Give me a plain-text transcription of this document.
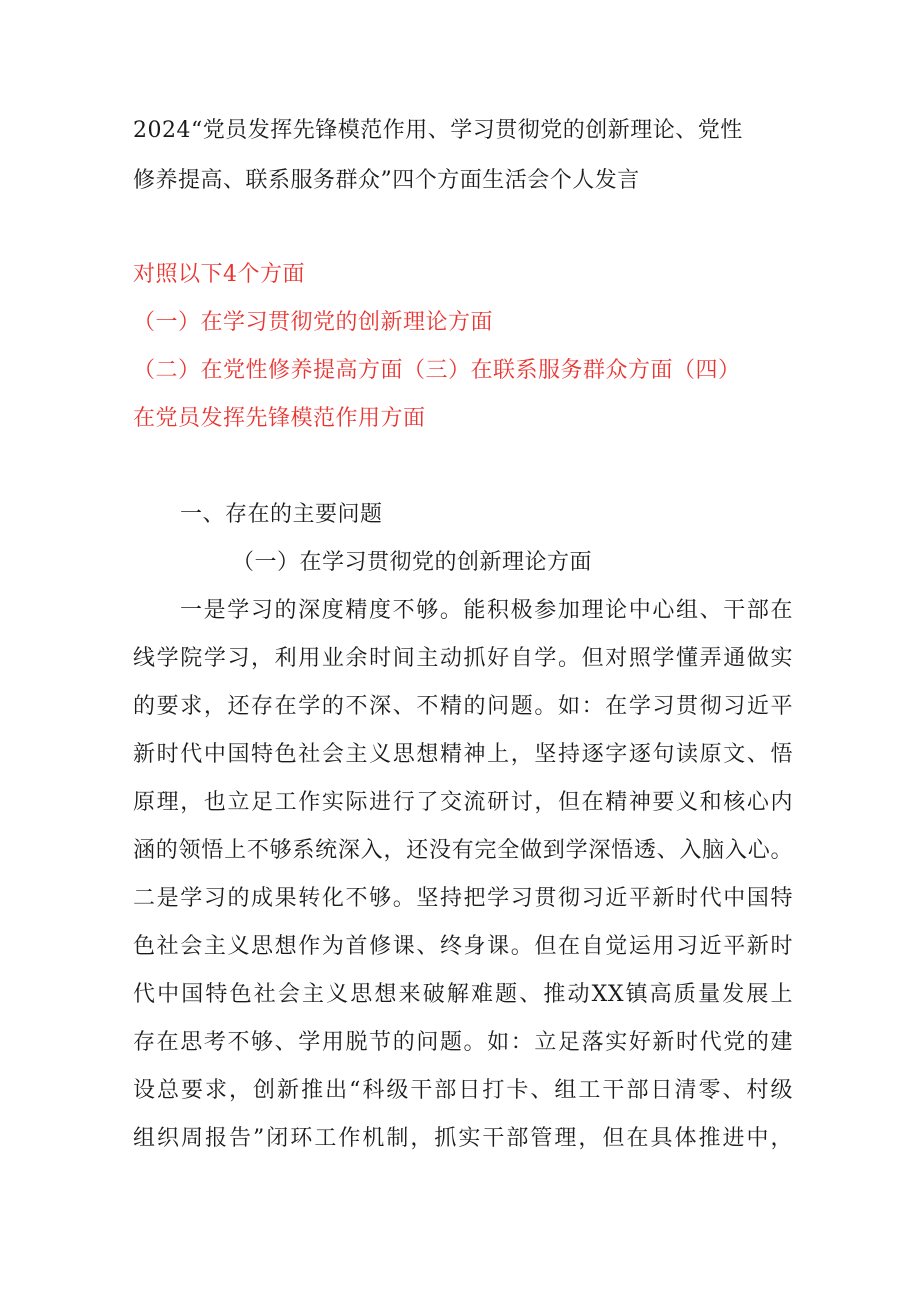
2024“党员发挥先锋模范作用、学习贯彻党的创新理论、党性
修养提高、联系服务群众”四个方面生活会个人发言
对照以下4个方面
（一）在学习贯彻党的创新理论方面
（二）在党性修养提高方面（三）在联系服务群众方面（四）
在党员发挥先锋模范作用方面
一、存在的主要问题
（一）在学习贯彻党的创新理论方面
一是学习的深度精度不够。能积极参加理论中心组、干部在
线学院学习，利用业余时间主动抓好自学。但对照学懂弄通做实
的要求，还存在学的不深、不精的问题。如：在学习贯彻习近平
新时代中国特色社会主义思想精神上，坚持逐字逐句读原文、悟
原理，也立足工作实际进行了交流研讨，但在精神要义和核心内
涵的领悟上不够系统深入，还没有完全做到学深悟透、入脑入心。
二是学习的成果转化不够。坚持把学习贯彻习近平新时代中国特
色社会主义思想作为首修课、终身课。但在自觉运用习近平新时
代中国特色社会主义思想来破解难题、推动XX镇高质量发展上
存在思考不够、学用脱节的问题。如：立足落实好新时代党的建
设总要求，创新推出“科级干部日打卡、组工干部日清零、村级
组织周报告”闭环工作机制，抓实干部管理，但在具体推进中，
